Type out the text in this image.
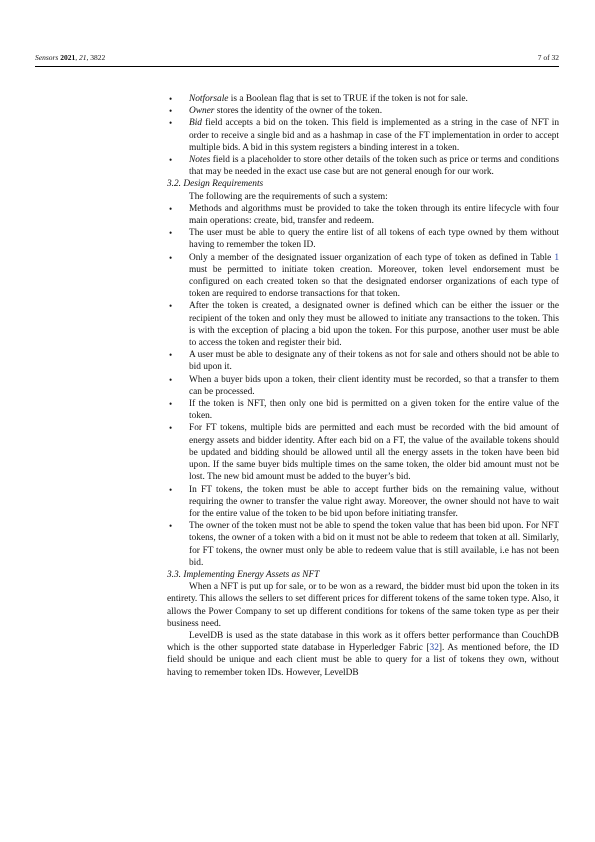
Sensors 2021, 21, 3822	7 of 32
• Notforsale is a Boolean flag that is set to TRUE if the token is not for sale.
• Owner stores the identity of the owner of the token.
• Bid field accepts a bid on the token. This field is implemented as a string in the case of NFT in order to receive a single bid and as a hashmap in case of the FT implementation in order to accept multiple bids. A bid in this system registers a binding interest in a token.
• Notes field is a placeholder to store other details of the token such as price or terms and conditions that may be needed in the exact use case but are not general enough for our work.

3.2. Design Requirements

The following are the requirements of such a system:

• Methods and algorithms must be provided to take the token through its entire lifecycle with four main operations: create, bid, transfer and redeem.
• The user must be able to query the entire list of all tokens of each type owned by them without having to remember the token ID.
• Only a member of the designated issuer organization of each type of token as defined in Table 1 must be permitted to initiate token creation. Moreover, token level endorsement must be configured on each created token so that the designated endorser organizations of each type of token are required to endorse transactions for that token.
• After the token is created, a designated owner is defined which can be either the issuer or the recipient of the token and only they must be allowed to initiate any transactions to the token. This is with the exception of placing a bid upon the token. For this purpose, another user must be able to access the token and register their bid.
• A user must be able to designate any of their tokens as not for sale and others should not be able to bid upon it.
• When a buyer bids upon a token, their client identity must be recorded, so that a transfer to them can be processed.
• If the token is NFT, then only one bid is permitted on a given token for the entire value of the token.
• For FT tokens, multiple bids are permitted and each must be recorded with the bid amount of energy assets and bidder identity. After each bid on a FT, the value of the available tokens should be updated and bidding should be allowed until all the energy assets in the token have been bid upon. If the same buyer bids multiple times on the same token, the older bid amount must not be lost. The new bid amount must be added to the buyer’s bid.
• In FT tokens, the token must be able to accept further bids on the remaining value, without requiring the owner to transfer the value right away. Moreover, the owner should not have to wait for the entire value of the token to be bid upon before initiating transfer.
• The owner of the token must not be able to spend the token value that has been bid upon. For NFT tokens, the owner of a token with a bid on it must not be able to redeem that token at all. Similarly, for FT tokens, the owner must only be able to redeem value that is still available, i.e has not been bid.

3.3. Implementing Energy Assets as NFT

When a NFT is put up for sale, or to be won as a reward, the bidder must bid upon the token in its entirety. This allows the sellers to set different prices for different tokens of the same token type. Also, it allows the Power Company to set up different conditions for tokens of the same token type as per their business need.

LevelDB is used as the state database in this work as it offers better performance than CouchDB which is the other supported state database in Hyperledger Fabric [32]. As mentioned before, the ID field should be unique and each client must be able to query for a list of tokens they own, without having to remember token IDs. However, LevelDB
